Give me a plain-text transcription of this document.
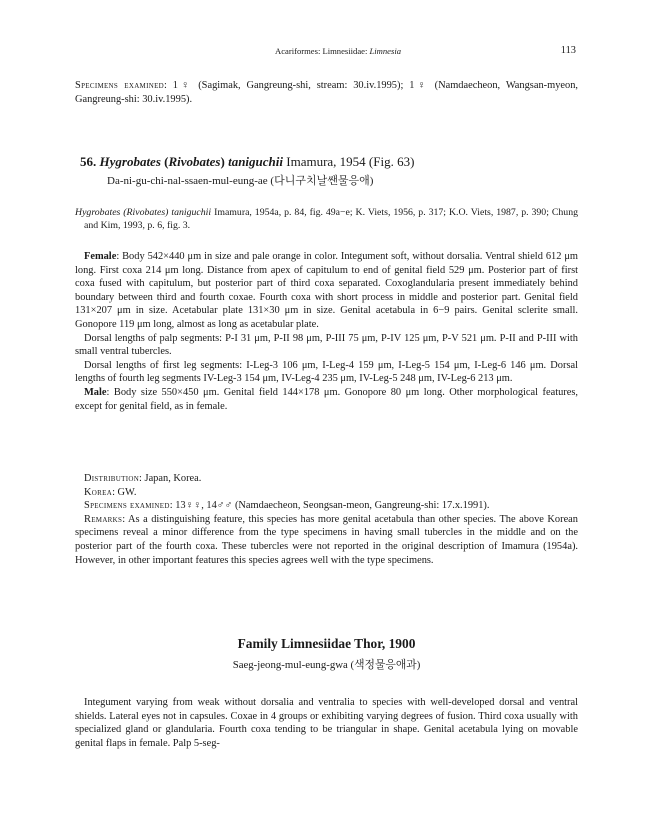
Acariformes: Limnesiidae: Limnesia	113

Specimens examined: 1♀ (Sagimak, Gangreung-shi, stream: 30.iv.1995); 1♀ (Namdaecheon, Wangsan-myeon, Gangreung-shi: 30.iv.1995).

56. Hygrobates (Rivobates) taniguchii Imamura, 1954 (Fig. 63)
Da-ni-gu-chi-nal-ssaen-mul-eung-ae (다니구치날쌘물응애)

Hygrobates (Rivobates) taniguchii Imamura, 1954a, p. 84, fig. 49a−e; K. Viets, 1956, p. 317; K.O. Viets, 1987, p. 390; Chung and Kim, 1993, p. 6, fig. 3.

Female: Body 542×440 μm in size and pale orange in color. Integument soft, without dorsalia. Ventral shield 612 μm long. First coxa 214 μm long. Distance from apex of capitulum to end of genital field 529 μm. Posterior part of first coxa fused with capitulum, but posterior part of third coxa separated. Coxoglandularia present immediately behind boundary between third and fourth coxae. Fourth coxa with short process in middle and posterior part. Genital field 131×207 μm in size. Acetabular plate 131×30 μm in size. Genital acetabula in 6−9 pairs. Genital sclerite small. Gonopore 119 μm long, almost as long as acetabular plate.

Dorsal lengths of palp segments: P-I 31 μm, P-II 98 μm, P-III 75 μm, P-IV 125 μm, P-V 521 μm. P-II and P-III with small ventral tubercles.

Dorsal lengths of first leg segments: I-Leg-3 106 μm, I-Leg-4 159 μm, I-Leg-5 154 μm, I-Leg-6 146 μm. Dorsal lengths of fourth leg segments IV-Leg-3 154 μm, IV-Leg-4 235 μm, IV-Leg-5 248 μm, IV-Leg-6 213 μm.

Male: Body size 550×450 μm. Genital field 144×178 μm. Gonopore 80 μm long. Other morphological features, except for genital field, as in female.

Distribution: Japan, Korea.

Korea: GW.

Specimens examined: 13♀♀, 14♂♂ (Namdaecheon, Seongsan-meon, Gangreung-shi: 17.x.1991).

Remarks: As a distinguishing feature, this species has more genital acetabula than other species. The above Korean specimens reveal a minor difference from the type specimens in having small tubercles in the middle and on the posterior part of the fourth coxa. These tubercles were not reported in the original description of Imamura (1954a). However, in other important features this species agrees well with the type specimens.

Family Limnesiidae Thor, 1900
Saeg-jeong-mul-eung-gwa (색정물응애과)

Integument varying from weak without dorsalia and ventralia to species with well-developed dorsal and ventral shields. Lateral eyes not in capsules. Coxae in 4 groups or exhibiting varying degrees of fusion. Third coxa usually with specialized gland or glandularia. Fourth coxa tending to be triangular in shape. Genital acetabula lying on movable genital flaps in female. Palp 5-seg-
